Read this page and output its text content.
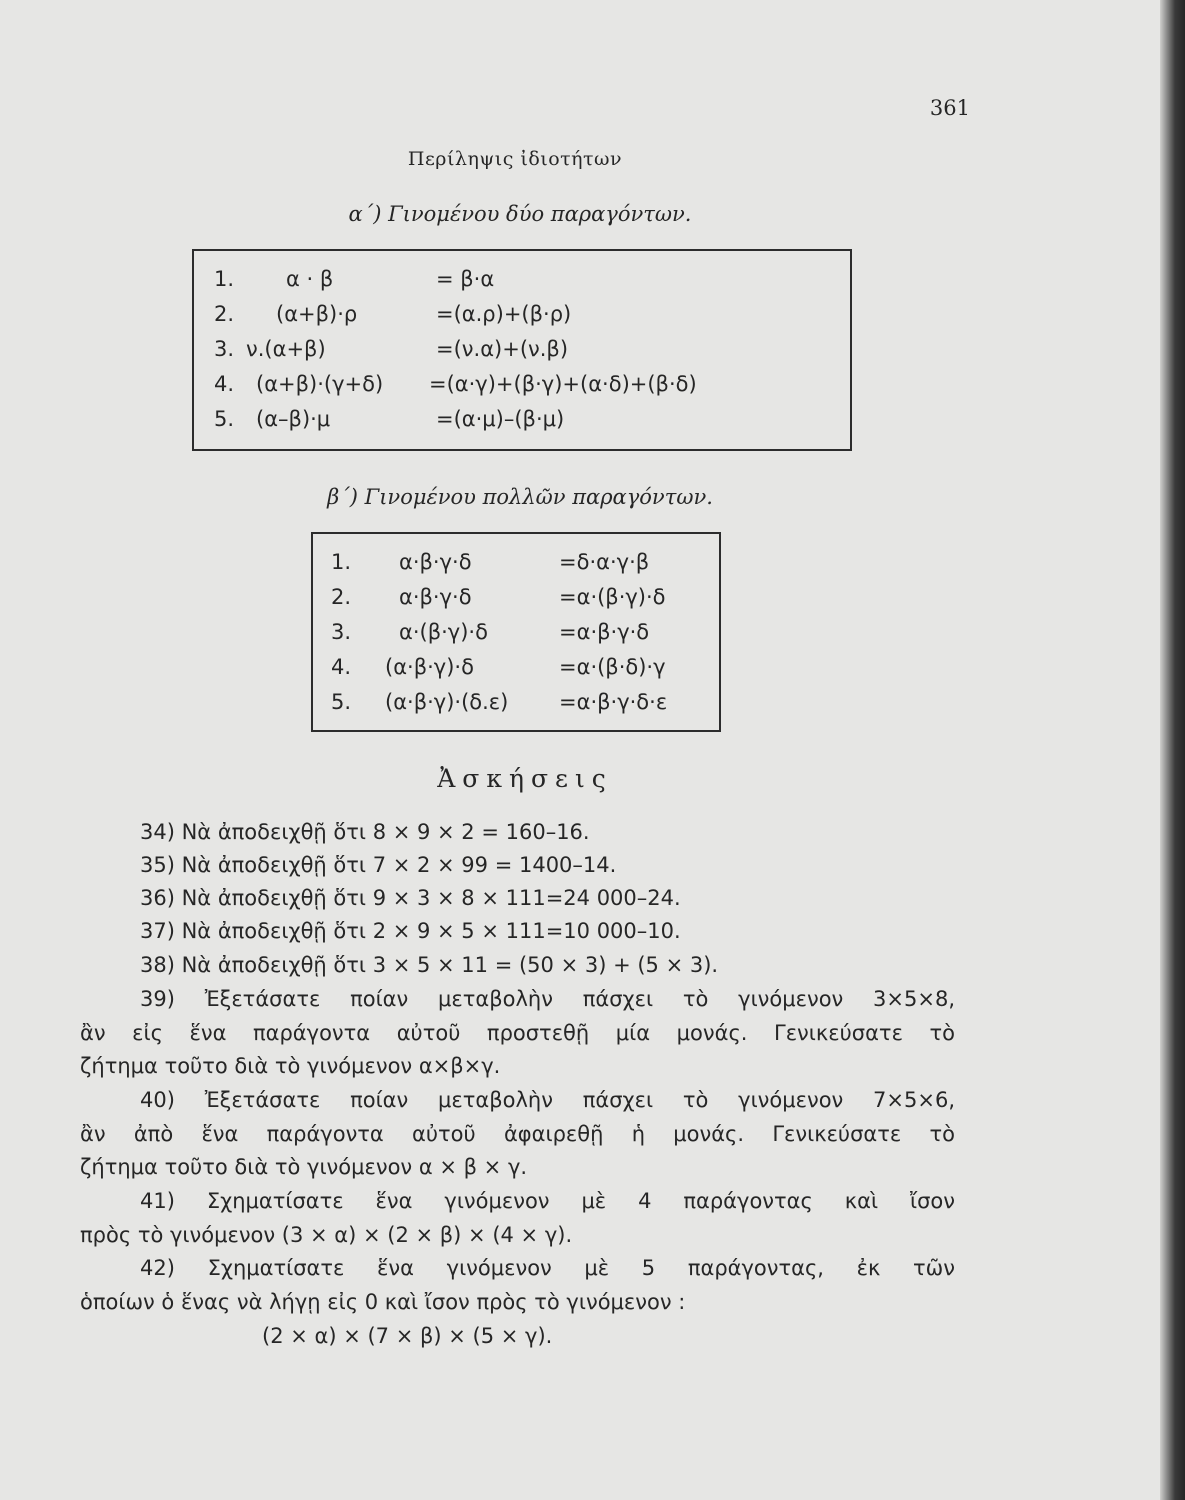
361
Περίληψις ἰδιοτήτων
α΄) Γινομένου δύο παραγόντων.
1. α · β	= β·α
2. (α+β)·ρ	=(α.ρ)+(β·ρ)
3. ν.(α+β)	=(ν.α)+(ν.β)
4. (α+β)·(γ+δ) =(α·γ)+(β·γ)+(α·δ)+(β·δ)
5. (α–β)·μ	=(α·μ)–(β·μ)
β΄) Γινομένου πολλῶν παραγόντων.
1. α·β·γ·δ	=δ·α·γ·β
2. α·β·γ·δ	=α·(β·γ)·δ
3. α·(β·γ)·δ	=α·β·γ·δ
4. (α·β·γ)·δ	=α·(β·δ)·γ
5. (α·β·γ)·(δ.ε) =α·β·γ·δ·ε
Ἀσκήσεις
34) Νὰ ἀποδειχθῇ ὅτι 8 × 9 × 2 = 160–16.
35) Νὰ ἀποδειχθῇ ὅτι 7 × 2 × 99 = 1400–14.
36) Νὰ ἀποδειχθῇ ὅτι 9 × 3 × 8 × 111=24 000–24.
37) Νὰ ἀποδειχθῇ ὅτι 2 × 9 × 5 × 111=10 000–10.
38) Νὰ ἀποδειχθῇ ὅτι 3 × 5 × 11 = (50 × 3) + (5 × 3).
39) Ἐξετάσατε ποίαν μεταβολὴν πάσχει τὸ γινόμενον 3×5×8,
ἂν εἰς ἕνα παράγοντα αὐτοῦ προστεθῇ μία μονάς. Γενικεύσατε τὸ
ζήτημα τοῦτο διὰ τὸ γινόμενον α×β×γ.
40) Ἐξετάσατε ποίαν μεταβολὴν πάσχει τὸ γινόμενον 7×5×6,
ἂν ἀπὸ ἕνα παράγοντα αὐτοῦ ἀφαιρεθῇ ἡ μονάς. Γενικεύσατε τὸ
ζήτημα τοῦτο διὰ τὸ γινόμενον α × β × γ.
41) Σχηματίσατε ἕνα γινόμενον μὲ 4 παράγοντας καὶ ἴσον
πρὸς τὸ γινόμενον (3 × α) × (2 × β) × (4 × γ).
42) Σχηματίσατε ἕνα γινόμενον μὲ 5 παράγοντας, ἐκ τῶν
ὁποίων ὁ ἕνας νὰ λήγῃ εἰς 0 καὶ ἴσον πρὸς τὸ γινόμενον :
(2 × α) × (7 × β) × (5 × γ).
